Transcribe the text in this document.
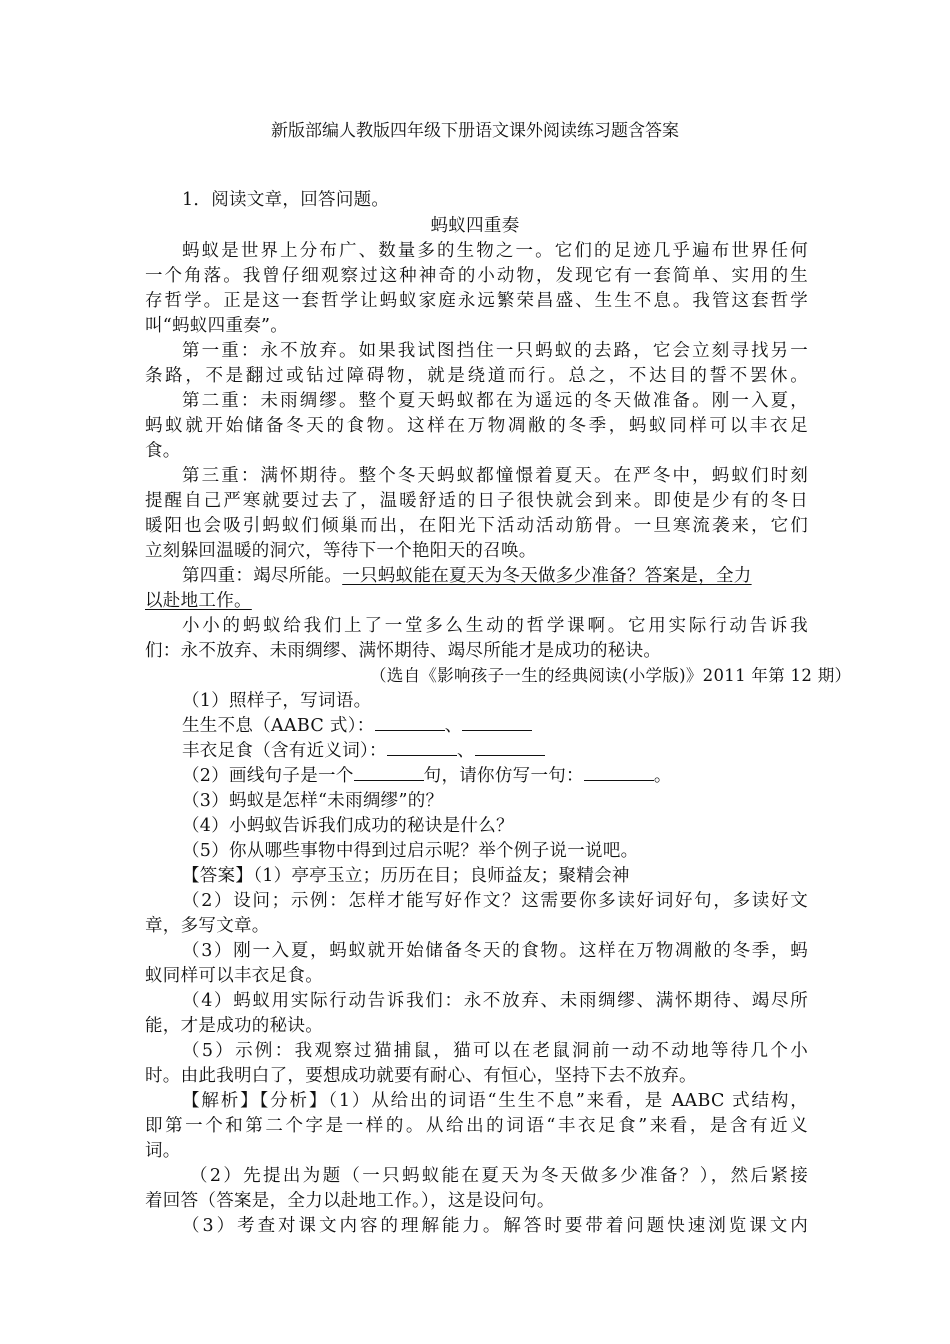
新版部编人教版四年级下册语文课外阅读练习题含答案
1．阅读文章，回答问题。
蚂蚁四重奏
蚂蚁是世界上分布广、数量多的生物之一。它们的足迹几乎遍布世界任何
一个角落。我曾仔细观察过这种神奇的小动物，发现它有一套简单、实用的生
存哲学。正是这一套哲学让蚂蚁家庭永远繁荣昌盛、生生不息。我管这套哲学
叫“蚂蚁四重奏”。
第一重：永不放弃。如果我试图挡住一只蚂蚁的去路，它会立刻寻找另一
条路，不是翻过或钻过障碍物，就是绕道而行。总之，不达目的誓不罢休。
第二重：未雨绸缪。整个夏天蚂蚁都在为遥远的冬天做准备。刚一入夏，
蚂蚁就开始储备冬天的食物。这样在万物凋敝的冬季，蚂蚁同样可以丰衣足
食。
第三重：满怀期待。整个冬天蚂蚁都憧憬着夏天。在严冬中，蚂蚁们时刻
提醒自己严寒就要过去了，温暖舒适的日子很快就会到来。即使是少有的冬日
暖阳也会吸引蚂蚁们倾巢而出，在阳光下活动活动筋骨。一旦寒流袭来，它们
立刻躲回温暖的洞穴，等待下一个艳阳天的召唤。
第四重：竭尽所能。一只蚂蚁能在夏天为冬天做多少准备？答案是，全力
以赴地工作。
小小的蚂蚁给我们上了一堂多么生动的哲学课啊。它用实际行动告诉我
们：永不放弃、未雨绸缪、满怀期待、竭尽所能才是成功的秘诀。
（选自《影响孩子一生的经典阅读(小学版)》2011 年第 12 期）
（1）照样子，写词语。
生生不息（AABC 式）：	、
丰衣足食（含有近义词）：	、
（2）画线句子是一个	句，请你仿写一句：	。
（3）蚂蚁是怎样“未雨绸缪”的？
（4）小蚂蚁告诉我们成功的秘诀是什么？
（5）你从哪些事物中得到过启示呢？举个例子说一说吧。
【答案】（1）亭亭玉立；历历在目；良师益友；聚精会神
（2）设问；示例：怎样才能写好作文？这需要你多读好词好句，多读好文
章，多写文章。
（3）刚一入夏，蚂蚁就开始储备冬天的食物。这样在万物凋敝的冬季，蚂
蚁同样可以丰衣足食。
（4）蚂蚁用实际行动告诉我们：永不放弃、未雨绸缪、满怀期待、竭尽所
能，才是成功的秘诀。
（5）示例：我观察过猫捕鼠，猫可以在老鼠洞前一动不动地等待几个小
时。由此我明白了，要想成功就要有耐心、有恒心，坚持下去不放弃。
【解析】【分析】（1）从给出的词语“生生不息”来看，是 AABC 式结构，
即第一个和第二个字是一样的。从给出的词语“丰衣足食”来看，是含有近义
词。
（2）先提出为题（一只蚂蚁能在夏天为冬天做多少准备？），然后紧接
着回答（答案是，全力以赴地工作。），这是设问句。
（3）考查对课文内容的理解能力。解答时要带着问题快速浏览课文内
